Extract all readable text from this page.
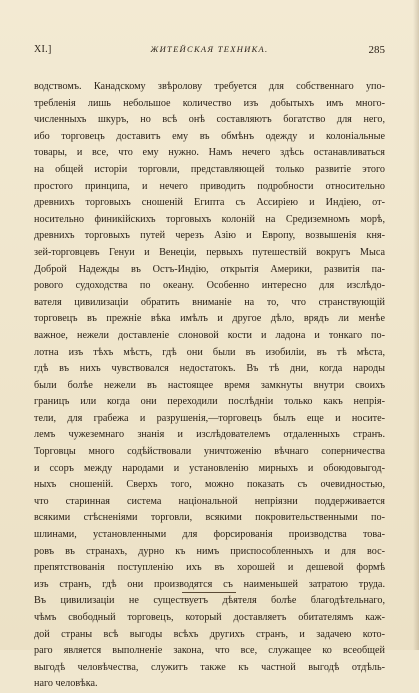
XI.]	ЖИТЕЙСКАЯ ТЕХНИКА.	285
водствомъ. Канадскому звѣролову требуется для собственнаго упо-
требленія лишь небольшое количество изъ добытыхъ имъ много-
численныхъ шкуръ, но всѣ онѣ составляютъ богатство для него,
ибо торговецъ доставитъ ему въ обмѣнъ одежду и колоніальные
товары, и все, что ему нужно. Намъ нечего здѣсь останавливаться
на общей исторіи торговли, представляющей только развитіе этого
простого принципа, и нечего приводить подробности относительно
древнихъ торговыхъ сношеній Египта съ Ассиріею и Индіею, от-
носительно финикійскихъ торговыхъ колоній на Средиземномъ морѣ,
древнихъ торговыхъ путей черезъ Азію и Европу, возвышенія кня-
зей-торговцевъ Генуи и Венеціи, первыхъ путешествій вокругъ Мыса
Доброй Надежды въ Остъ-Индію, открытія Америки, развитія па-
рового судоходства по океану. Особенно интересно для изслѣдо-
вателя цивилизаціи обратить вниманіе на то, что странствующій
торговецъ въ прежніе вѣка имѣлъ и другое дѣло, врядъ ли менѣе
важное, нежели доставленіе слоновой кости и ладона и тонкаго по-
лотна изъ тѣхъ мѣстъ, гдѣ они были въ изобиліи, въ тѣ мѣста,
гдѣ въ нихъ чувствовался недостатокъ. Въ тѣ дни, когда народы
были болѣе нежели въ настоящее время замкнуты внутри своихъ
границъ или когда они переходили послѣдніи только какъ непрія-
тели, для грабежа и разрушенія,—торговецъ былъ еще и носите-
лемъ чужеземнаго знанія и изслѣдователемъ отдаленныхъ странъ.
Торговцы много содѣйствовали уничтоженію вѣчнаго соперничества
и ссоръ между народами и установленію мирныхъ и обоюдовыгод-
ныхъ сношеній. Сверхъ того, можно показать съ очевидностью,
что старинная система національной непріязни поддерживается
всякими стѣсненіями торговли, всякими покровительственными по-
шлинами, установленными для форсированія производства това-
ровъ въ странахъ, дурно къ нимъ приспособленныхъ и для вос-
препятствованія поступленію ихъ въ хорошей и дешевой формѣ
изъ странъ, гдѣ они производятся съ наименьшей затратою труда.
Въ цивилизаціи не существуетъ дѣятеля болѣе благодѣтельнаго,
чѣмъ свободный торговецъ, который доставляетъ обитателямъ каж-
дой страны всѣ выгоды всѣхъ другихъ странъ, и задачею кото-
раго является выполненіе закона, что все, служащее ко всеобщей
выгодѣ человѣчества, служитъ также къ частной выгодѣ отдѣль-
наго человѣка.
